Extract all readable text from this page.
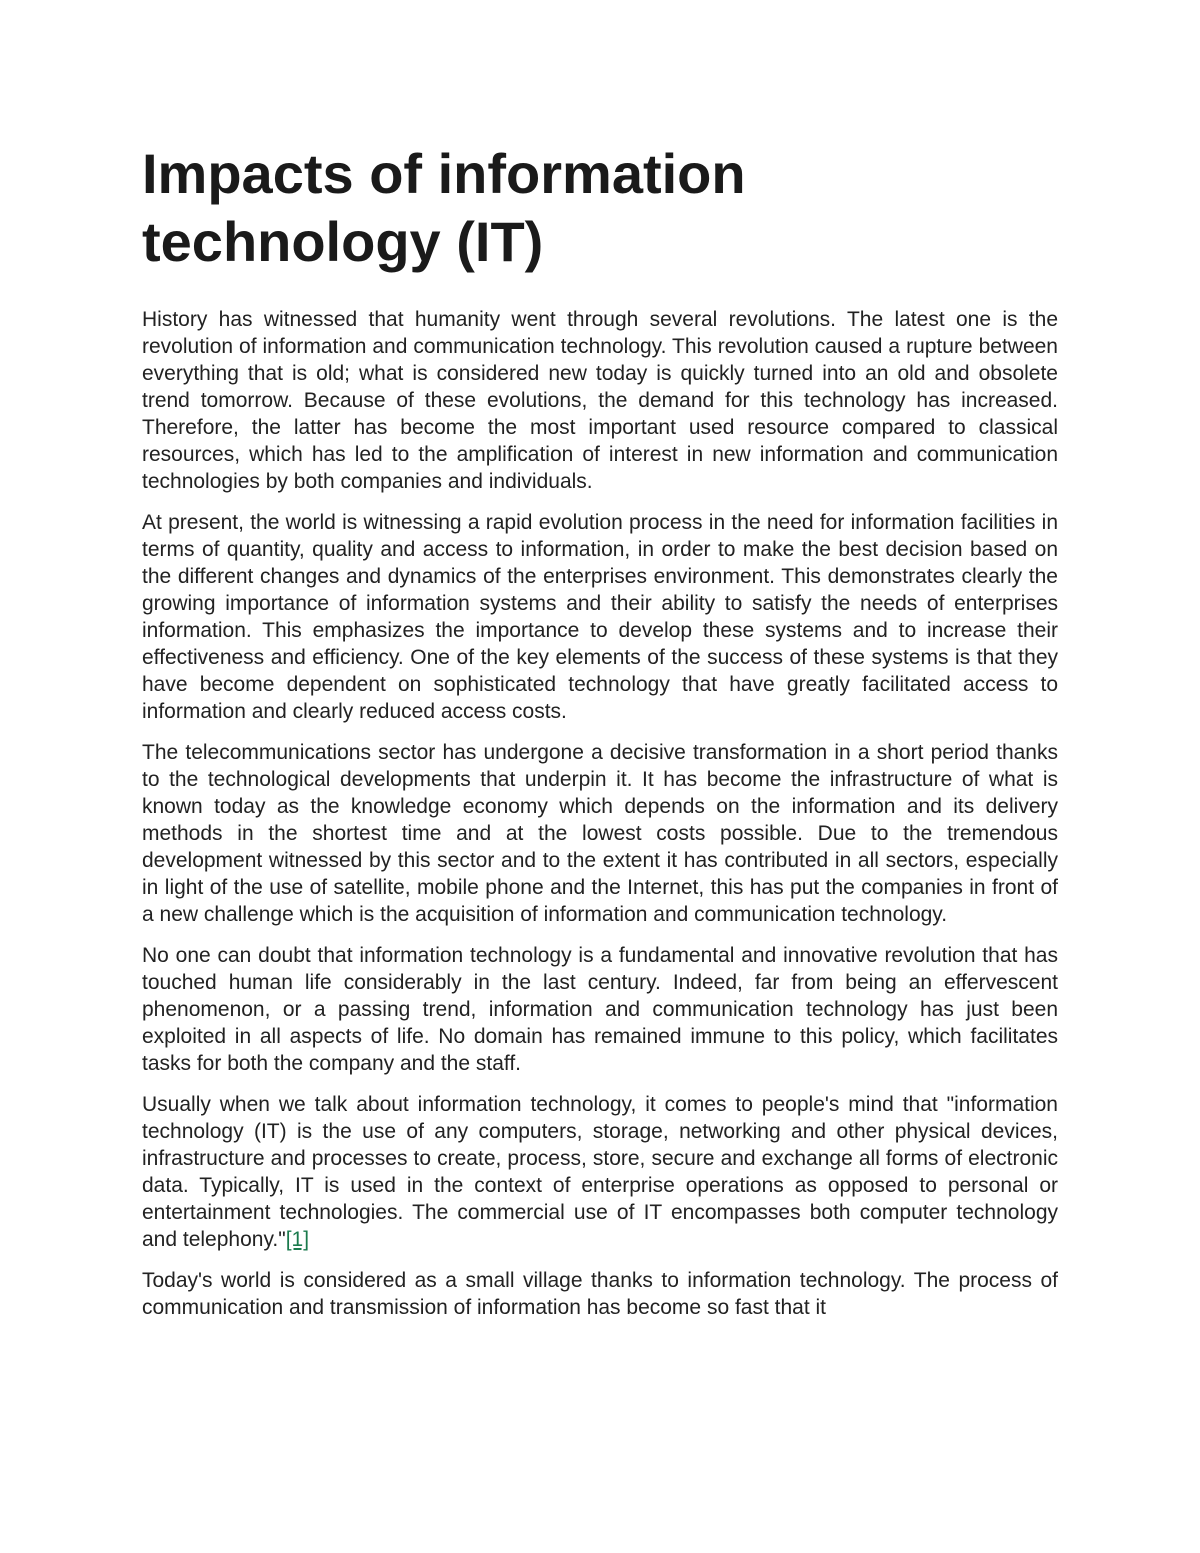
Impacts of information technology (IT)

History has witnessed that humanity went through several revolutions. The latest one is the revolution of information and communication technology. This revolution caused a rupture between everything that is old; what is considered new today is quickly turned into an old and obsolete trend tomorrow. Because of these evolutions, the demand for this technology has increased. Therefore, the latter has become the most important used resource compared to classical resources, which has led to the amplification of interest in new information and communication technologies by both companies and individuals.

At present, the world is witnessing a rapid evolution process in the need for information facilities in terms of quantity, quality and access to information, in order to make the best decision based on the different changes and dynamics of the enterprises environment. This demonstrates clearly the growing importance of information systems and their ability to satisfy the needs of enterprises information. This emphasizes the importance to develop these systems and to increase their effectiveness and efficiency. One of the key elements of the success of these systems is that they have become dependent on sophisticated technology that have greatly facilitated access to information and clearly reduced access costs.

The telecommunications sector has undergone a decisive transformation in a short period thanks to the technological developments that underpin it. It has become the infrastructure of what is known today as the knowledge economy which depends on the information and its delivery methods in the shortest time and at the lowest costs possible. Due to the tremendous development witnessed by this sector and to the extent it has contributed in all sectors, especially in light of the use of satellite, mobile phone and the Internet, this has put the companies in front of a new challenge which is the acquisition of information and communication technology.

No one can doubt that information technology is a fundamental and innovative revolution that has touched human life considerably in the last century. Indeed, far from being an effervescent phenomenon, or a passing trend, information and communication technology has just been exploited in all aspects of life. No domain has remained immune to this policy, which facilitates tasks for both the company and the staff.

Usually when we talk about information technology, it comes to people's mind that "information technology (IT) is the use of any computers, storage, networking and other physical devices, infrastructure and processes to create, process, store, secure and exchange all forms of electronic data. Typically, IT is used in the context of enterprise operations as opposed to personal or entertainment technologies. The commercial use of IT encompasses both computer technology and telephony."[1]

Today's world is considered as a small village thanks to information technology. The process of communication and transmission of information has become so fast that it
